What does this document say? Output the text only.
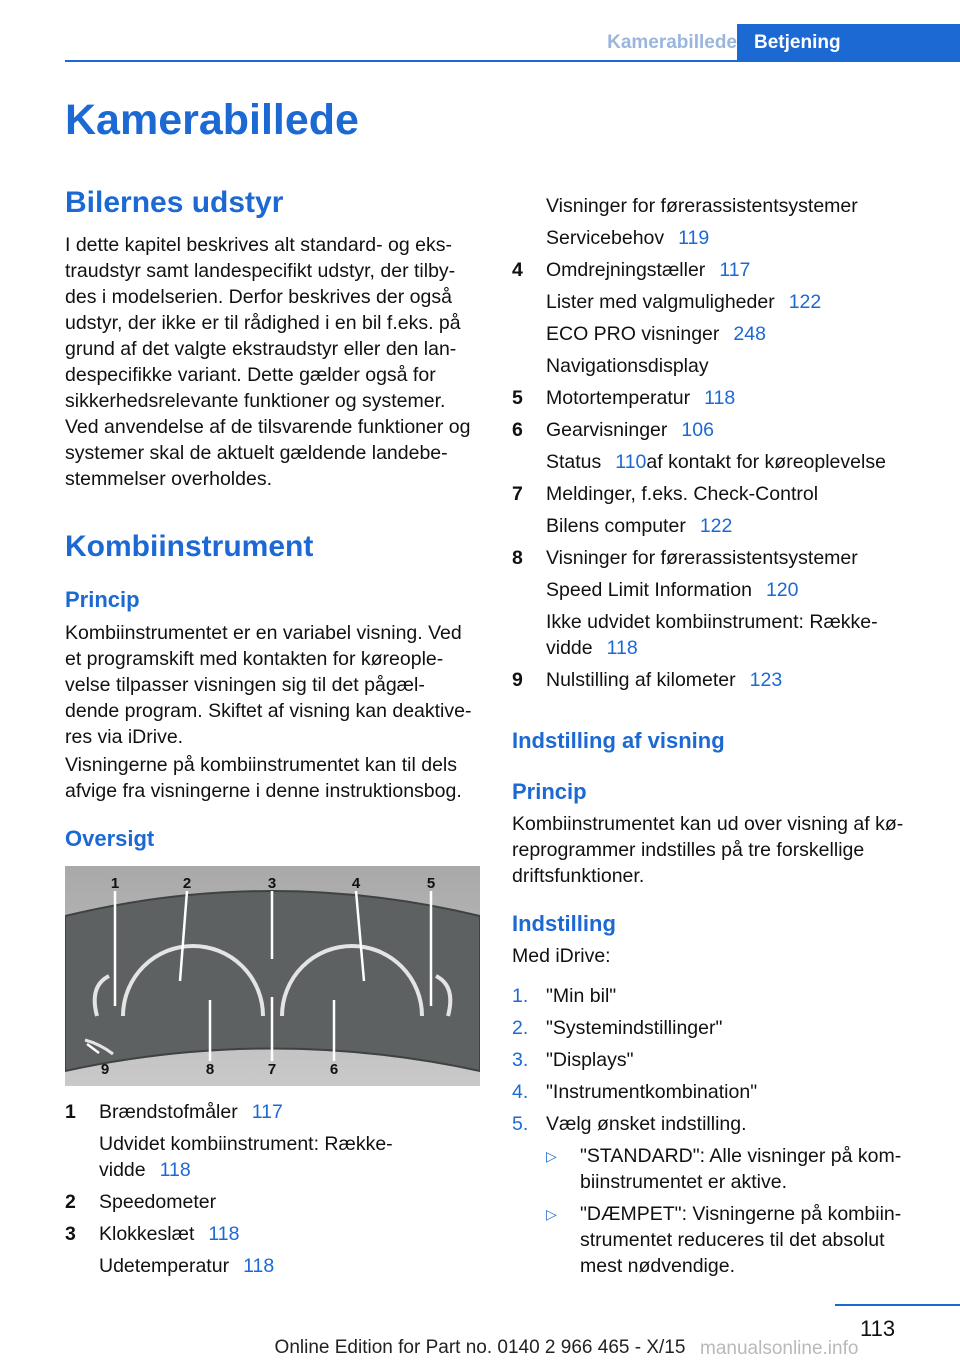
Kamerabillede Betjening
Kamerabillede
Bilernes udstyr
I dette kapitel beskrives alt standard- og eks‐
traudstyr samt landespecifikt udstyr, der tilby‐
des i modelserien. Derfor beskrives der også
udstyr, der ikke er til rådighed i en bil f.eks. på
grund af det valgte ekstraudstyr eller den lan‐
despecifikke variant. Dette gælder også for
sikkerhedsrelevante funktioner og systemer.
Ved anvendelse af de tilsvarende funktioner og
systemer skal de aktuelt gældende landebe‐
stemmelser overholdes.
Kombiinstrument
Princip
Kombiinstrumentet er en variabel visning. Ved
et programskift med kontakten for køreople‐
velse tilpasser visningen sig til det pågæl‐
dende program. Skiftet af visning kan deaktive‐
res via iDrive.
Visningerne på kombiinstrumentet kan til dels
afvige fra visningerne i denne instruktionsbog.
Oversigt
1	2	3	4	5
9	8	7	6
1 Brændstofmåler 117
Udvidet kombiinstrument: Række‐
vidde 118
2 Speedometer
3 Klokkeslæt 118
Udetemperatur 118
Visninger for førerassistentsystemer
Servicebehov 119
4 Omdrejningstæller 117
Lister med valgmuligheder 122
ECO PRO visninger 248
Navigationsdisplay
5 Motortemperatur 118
6 Gearvisninger 106
Status 110af kontakt for køreoplevelse
7 Meldinger, f.eks. Check-Control
Bilens computer 122
8 Visninger for førerassistentsystemer
Speed Limit Information 120
Ikke udvidet kombiinstrument: Række‐
vidde 118
9 Nulstilling af kilometer 123
Indstilling af visning
Princip
Kombiinstrumentet kan ud over visning af kø‐
reprogrammer indstilles på tre forskellige
driftsfunktioner.
Indstilling
Med iDrive:
1. "Min bil"
2. "Systemindstillinger"
3. "Displays"
4. "Instrumentkombination"
5. Vælg ønsket indstilling.
▷ "STANDARD": Alle visninger på kom‐
biinstrumentet er aktive.
▷ "DÆMPET": Visningerne på kombiin‐
strumentet reduceres til det absolut
mest nødvendige.
113
Online Edition for Part no. 0140 2 966 465 - X/15 manualsonline.info
